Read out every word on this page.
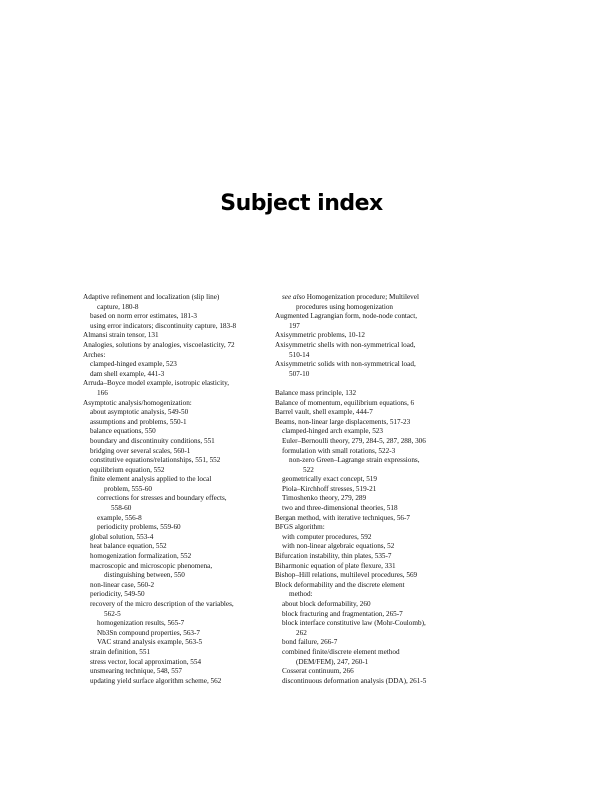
Subject index
Adaptive refinement and localization (slip line)
capture, 180-8
based on norm error estimates, 181-3
using error indicators; discontinuity capture, 183-8
Almansi strain tensor, 131
Analogies, solutions by analogies, viscoelasticity, 72
Arches:
clamped-hinged example, 523
dam shell example, 441-3
Arruda–Boyce model example, isotropic elasticity,
166
Asymptotic analysis/homogenization:
about asymptotic analysis, 549-50
assumptions and problems, 550-1
balance equations, 550
boundary and discontinuity conditions, 551
bridging over several scales, 560-1
constitutive equations/relationships, 551, 552
equilibrium equation, 552
finite element analysis applied to the local
problem, 555-60
corrections for stresses and boundary effects,
558-60
example, 556-8
periodicity problems, 559-60
global solution, 553-4
heat balance equation, 552
homogenization formalization, 552
macroscopic and microscopic phenomena,
distinguishing between, 550
non-linear case, 560-2
periodicity, 549-50
recovery of the micro description of the variables,
562-5
homogenization results, 565-7
Nb3Sn compound properties, 563-7
VAC strand analysis example, 563-5
strain definition, 551
stress vector, local approximation, 554
unsmearing technique, 548, 557
updating yield surface algorithm scheme, 562
see also Homogenization procedure; Multilevel
procedures using homogenization
Augmented Lagrangian form, node-node contact,
197
Axisymmetric problems, 10-12
Axisymmetric shells with non-symmetrical load,
510-14
Axisymmetric solids with non-symmetrical load,
507-10
Balance mass principle, 132
Balance of momentum, equilibrium equations, 6
Barrel vault, shell example, 444-7
Beams, non-linear large displacements, 517-23
clamped-hinged arch example, 523
Euler–Bernoulli theory, 279, 284-5, 287, 288, 306
formulation with small rotations, 522-3
non-zero Green–Lagrange strain expressions,
522
geometrically exact concept, 519
Piola–Kirchhoff stresses, 519-21
Timoshenko theory, 279, 289
two and three-dimensional theories, 518
Bergan method, with iterative techniques, 56-7
BFGS algorithm:
with computer procedures, 592
with non-linear algebraic equations, 52
Bifurcation instability, thin plates, 535-7
Biharmonic equation of plate flexure, 331
Bishop–Hill relations, multilevel procedures, 569
Block deformability and the discrete element
method:
about block deformability, 260
block fracturing and fragmentation, 265-7
block interface constitutive law (Mohr-Coulomb),
262
bond failure, 266-7
combined finite/discrete element method
(DEM/FEM), 247, 260-1
Cosserat continuum, 266
discontinuous deformation analysis (DDA), 261-5
